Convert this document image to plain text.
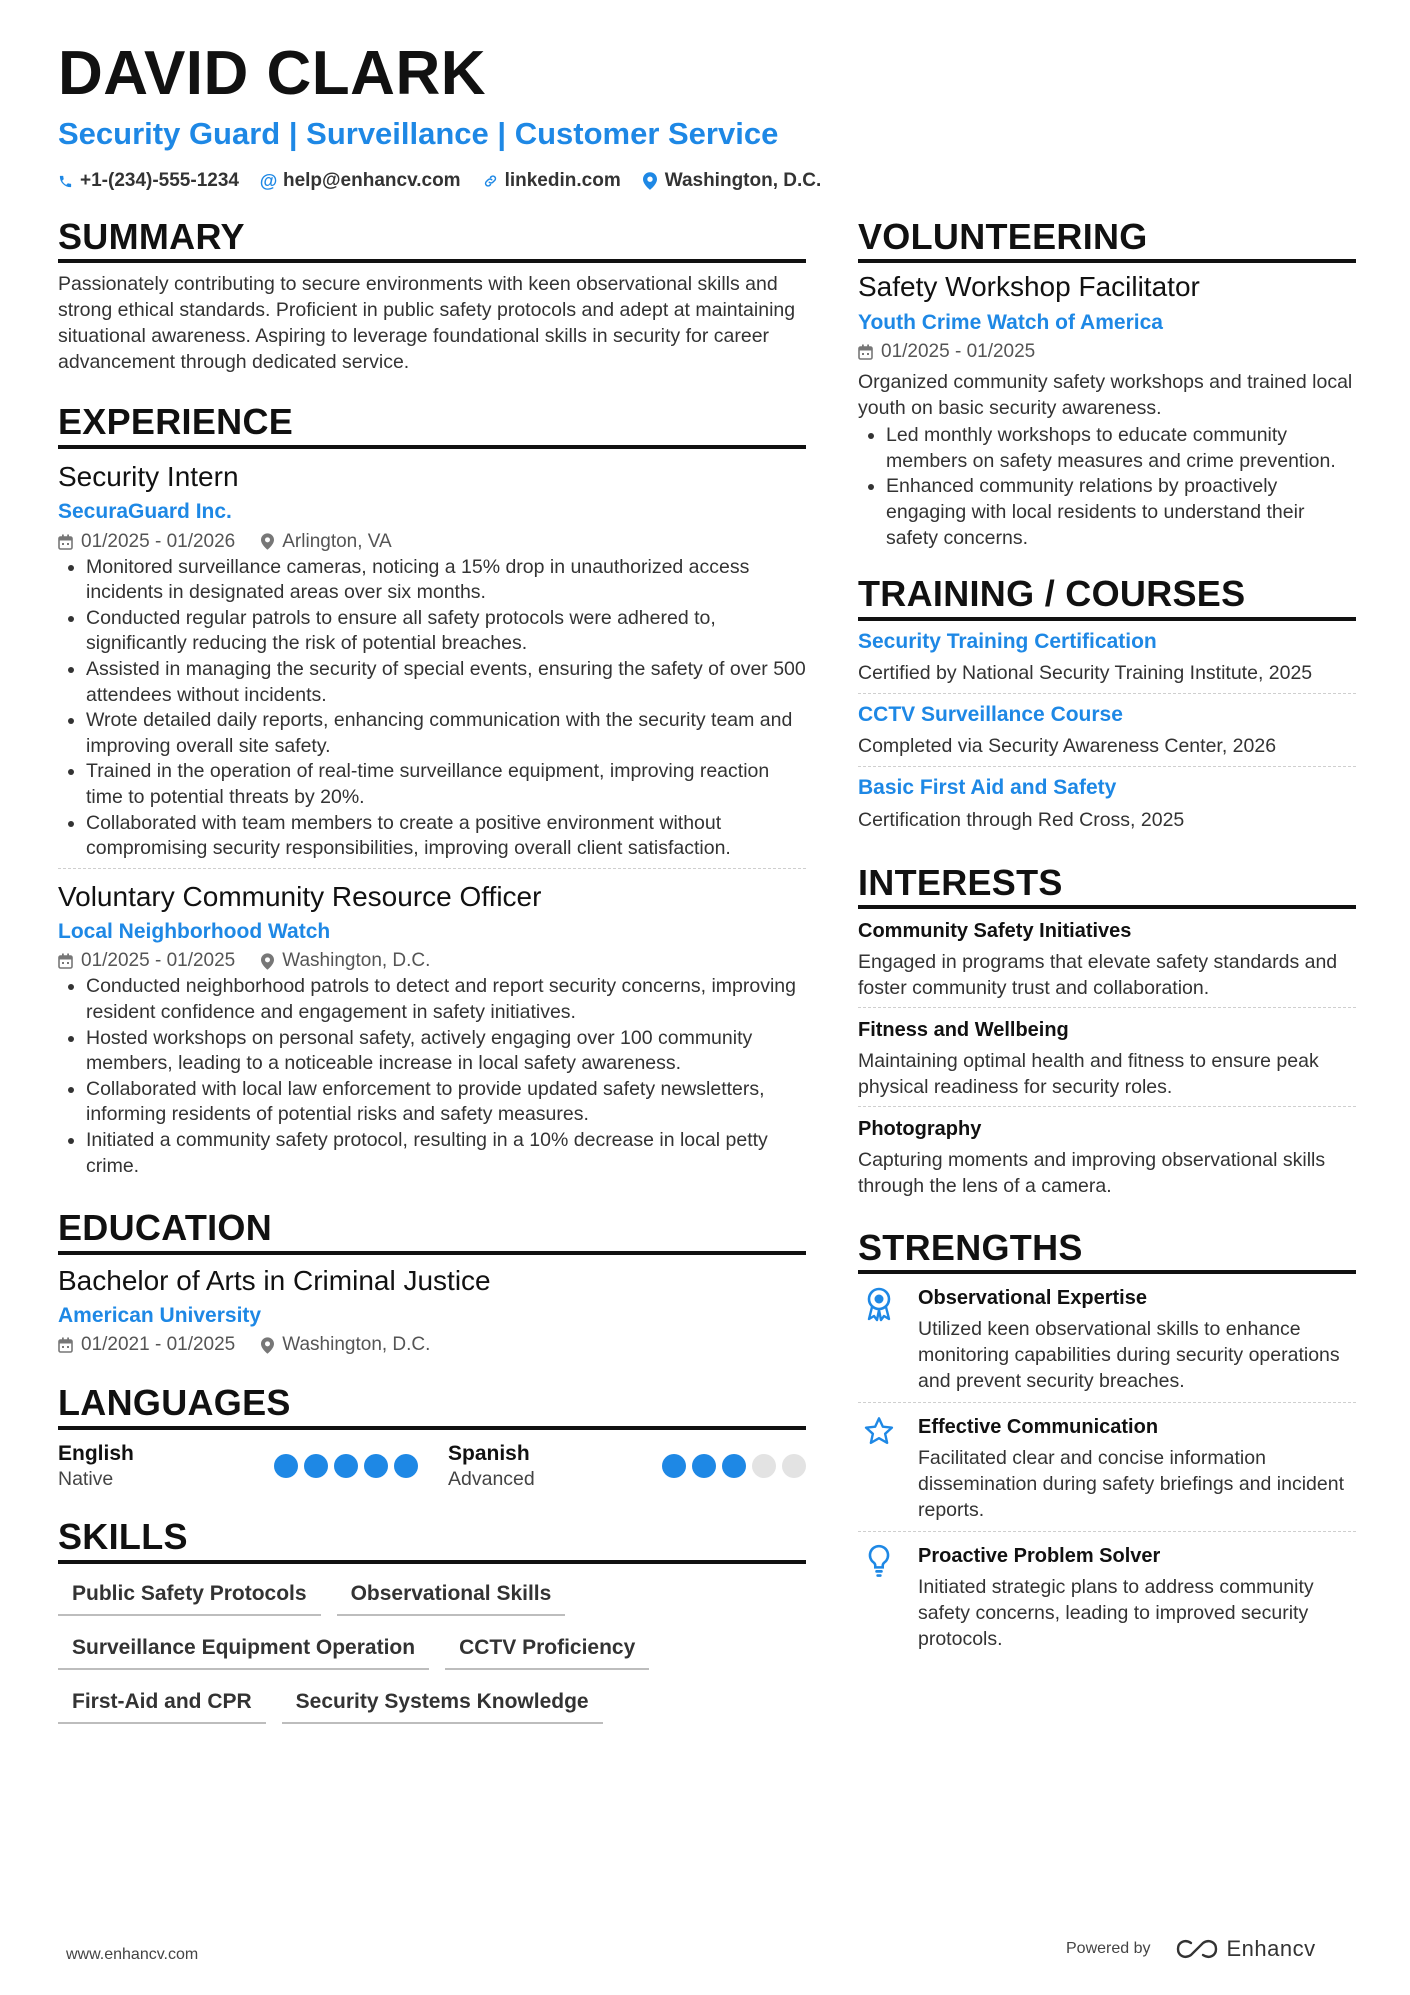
DAVID CLARK
Security Guard | Surveillance | Customer Service
+1-(234)-555-1234 @ help@enhancv.com linkedin.com Washington, D.C.
SUMMARY

Passionately contributing to secure environments with keen observational skills and strong ethical standards. Proficient in public safety protocols and adept at maintaining situational awareness. Aspiring to leverage foundational skills in security for career advancement through dedicated service.

EXPERIENCE
Security Intern
SecuraGuard Inc.
01/2025 - 01/2026 Arlington, VA
• Monitored surveillance cameras, noticing a 15% drop in unauthorized access incidents in designated areas over six months.
• Conducted regular patrols to ensure all safety protocols were adhered to, significantly reducing the risk of potential breaches.
• Assisted in managing the security of special events, ensuring the safety of over 500 attendees without incidents.
• Wrote detailed daily reports, enhancing communication with the security team and improving overall site safety.
• Trained in the operation of real-time surveillance equipment, improving reaction time to potential threats by 20%.
• Collaborated with team members to create a positive environment without compromising security responsibilities, improving overall client satisfaction.
Voluntary Community Resource Officer
Local Neighborhood Watch
01/2025 - 01/2025 Washington, D.C.
• Conducted neighborhood patrols to detect and report security concerns, improving resident confidence and engagement in safety initiatives.
• Hosted workshops on personal safety, actively engaging over 100 community members, leading to a noticeable increase in local safety awareness.
• Collaborated with local law enforcement to provide updated safety newsletters, informing residents of potential risks and safety measures.
• Initiated a community safety protocol, resulting in a 10% decrease in local petty crime.
EDUCATION
Bachelor of Arts in Criminal Justice
American University
01/2021 - 01/2025 Washington, D.C.
LANGUAGES
English
Native
Spanish
Advanced
SKILLS
Public Safety Protocols	Observational Skills
Surveillance Equipment Operation	CCTV Proficiency
First-Aid and CPR	Security Systems Knowledge
VOLUNTEERING
Safety Workshop Facilitator
Youth Crime Watch of America
01/2025 - 01/2025

Organized community safety workshops and trained local youth on basic security awareness.

• Led monthly workshops to educate community members on safety measures and crime prevention.
• Enhanced community relations by proactively engaging with local residents to understand their safety concerns.
TRAINING / COURSES
Security Training Certification
Certified by National Security Training Institute, 2025
CCTV Surveillance Course
Completed via Security Awareness Center, 2026
Basic First Aid and Safety
Certification through Red Cross, 2025
INTERESTS
Community Safety Initiatives
Engaged in programs that elevate safety standards and foster community trust and collaboration.
Fitness and Wellbeing
Maintaining optimal health and fitness to ensure peak physical readiness for security roles.
Photography
Capturing moments and improving observational skills through the lens of a camera.
STRENGTHS
Observational Expertise
Utilized keen observational skills to enhance monitoring capabilities during security operations and prevent security breaches.
Effective Communication
Facilitated clear and concise information dissemination during safety briefings and incident reports.
Proactive Problem Solver
Initiated strategic plans to address community safety concerns, leading to improved security protocols.
www.enhancv.com	Powered by	Enhancv
